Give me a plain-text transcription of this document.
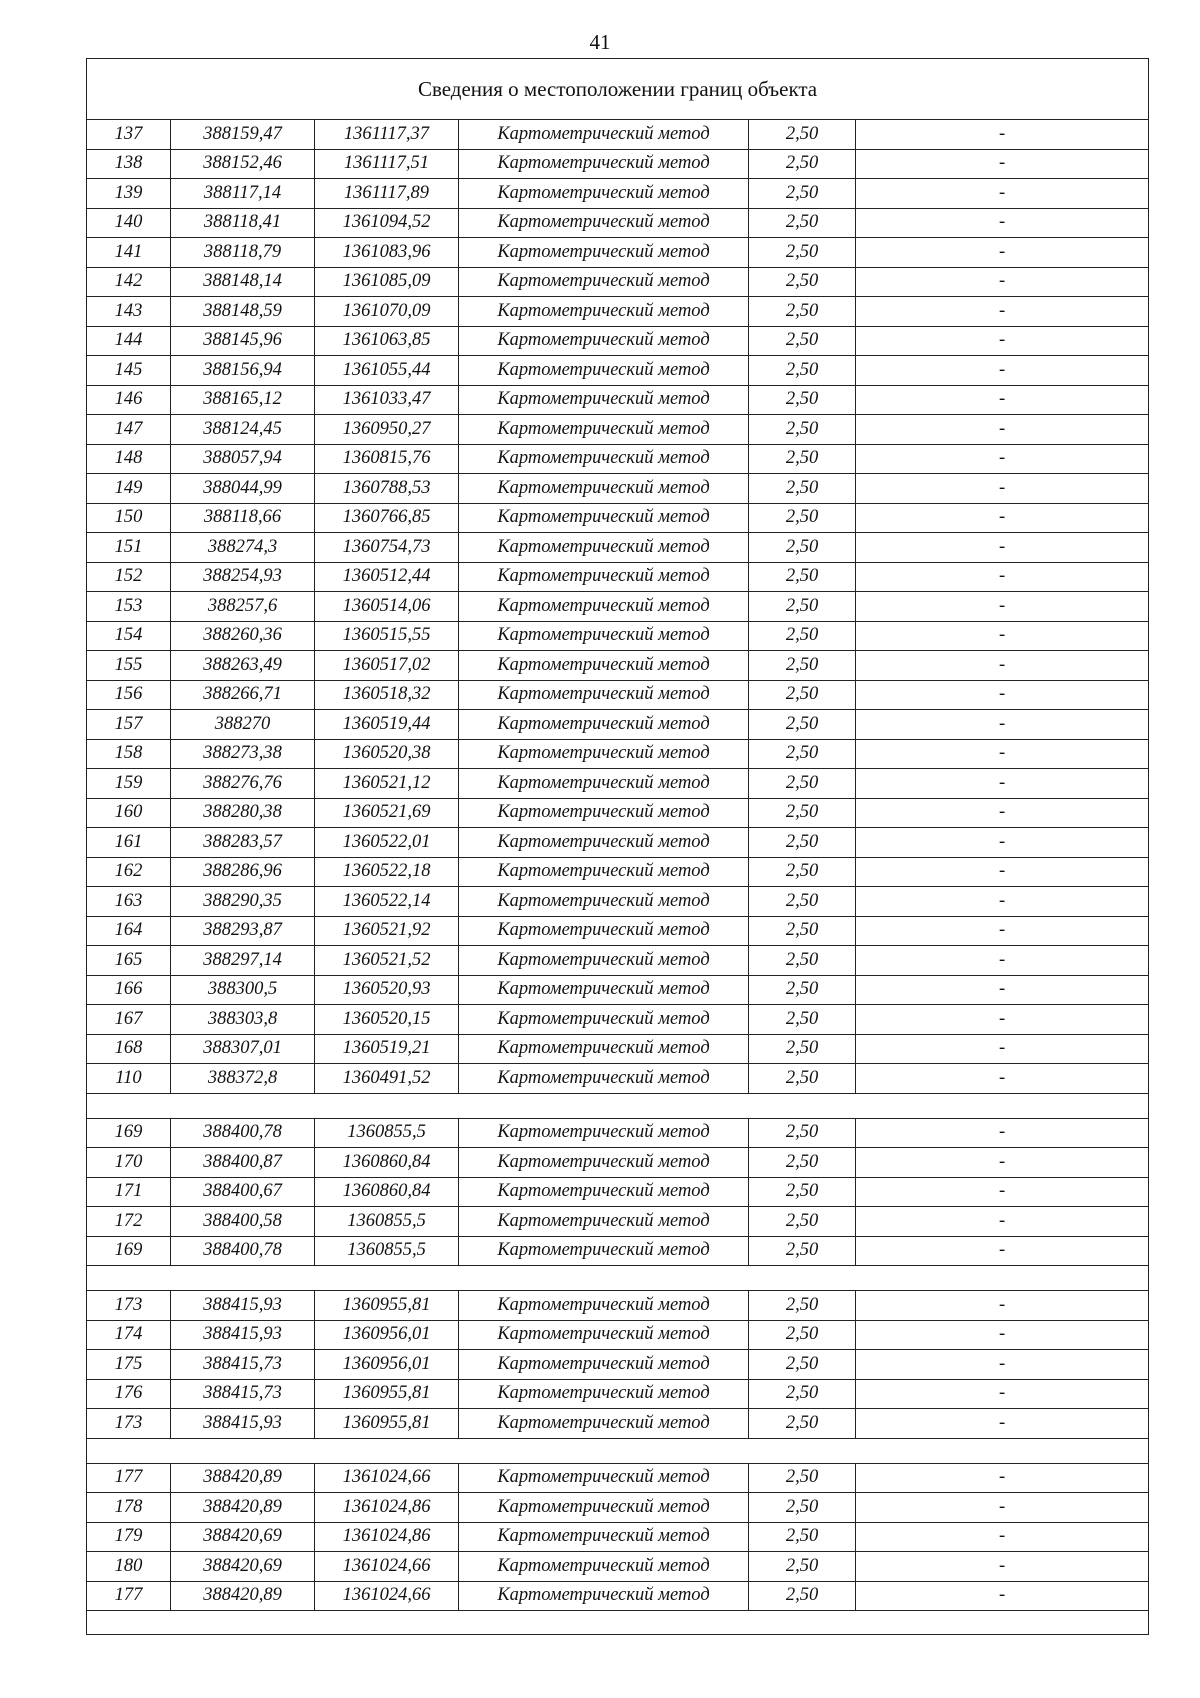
41
Сведения о местоположении границ объекта					
137	388159,47	1361117,37	Картометрический метод	2,50	-
138	388152,46	1361117,51	Картометрический метод	2,50	-
139	388117,14	1361117,89	Картометрический метод	2,50	-
140	388118,41	1361094,52	Картометрический метод	2,50	-
141	388118,79	1361083,96	Картометрический метод	2,50	-
142	388148,14	1361085,09	Картометрический метод	2,50	-
143	388148,59	1361070,09	Картометрический метод	2,50	-
144	388145,96	1361063,85	Картометрический метод	2,50	-
145	388156,94	1361055,44	Картометрический метод	2,50	-
146	388165,12	1361033,47	Картометрический метод	2,50	-
147	388124,45	1360950,27	Картометрический метод	2,50	-
148	388057,94	1360815,76	Картометрический метод	2,50	-
149	388044,99	1360788,53	Картометрический метод	2,50	-
150	388118,66	1360766,85	Картометрический метод	2,50	-
151	388274,3	1360754,73	Картометрический метод	2,50	-
152	388254,93	1360512,44	Картометрический метод	2,50	-
153	388257,6	1360514,06	Картометрический метод	2,50	-
154	388260,36	1360515,55	Картометрический метод	2,50	-
155	388263,49	1360517,02	Картометрический метод	2,50	-
156	388266,71	1360518,32	Картометрический метод	2,50	-
157	388270	1360519,44	Картометрический метод	2,50	-
158	388273,38	1360520,38	Картометрический метод	2,50	-
159	388276,76	1360521,12	Картометрический метод	2,50	-
160	388280,38	1360521,69	Картометрический метод	2,50	-
161	388283,57	1360522,01	Картометрический метод	2,50	-
162	388286,96	1360522,18	Картометрический метод	2,50	-
163	388290,35	1360522,14	Картометрический метод	2,50	-
164	388293,87	1360521,92	Картометрический метод	2,50	-
165	388297,14	1360521,52	Картометрический метод	2,50	-
166	388300,5	1360520,93	Картометрический метод	2,50	-
167	388303,8	1360520,15	Картометрический метод	2,50	-
168	388307,01	1360519,21	Картометрический метод	2,50	-
110	388372,8	1360491,52	Картометрический метод	2,50	-

169	388400,78	1360855,5	Картометрический метод	2,50	-
170	388400,87	1360860,84	Картометрический метод	2,50	-
171	388400,67	1360860,84	Картометрический метод	2,50	-
172	388400,58	1360855,5	Картометрический метод	2,50	-
169	388400,78	1360855,5	Картометрический метод	2,50	-

173	388415,93	1360955,81	Картометрический метод	2,50	-
174	388415,93	1360956,01	Картометрический метод	2,50	-
175	388415,73	1360956,01	Картометрический метод	2,50	-
176	388415,73	1360955,81	Картометрический метод	2,50	-
173	388415,93	1360955,81	Картометрический метод	2,50	-

177	388420,89	1361024,66	Картометрический метод	2,50	-
178	388420,89	1361024,86	Картометрический метод	2,50	-
179	388420,69	1361024,86	Картометрический метод	2,50	-
180	388420,69	1361024,66	Картометрический метод	2,50	-
177	388420,89	1361024,66	Картометрический метод	2,50	-
